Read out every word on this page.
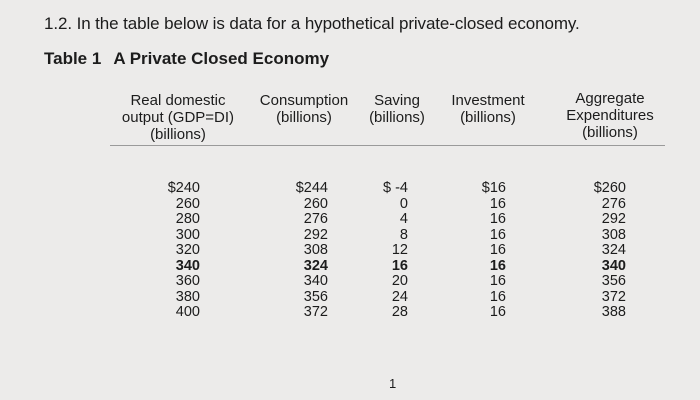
1.2. In the table below is data for a hypothetical private-closed economy.
Table 1 A Private Closed Economy
Real domestic
output (GDP=DI)
(billions)
Consumption
(billions)
Saving
(billions)
Investment
(billions)
Aggregate
Expenditures
(billions)
$240
260
280
300
320
340
360
380
400
$244
260
276
292
308
324
340
356
372
$ -4
0
4
8
12
16
20
24
28
$16
16
16
16
16
16
16
16
16
$260
276
292
308
324
340
356
372
388
1
